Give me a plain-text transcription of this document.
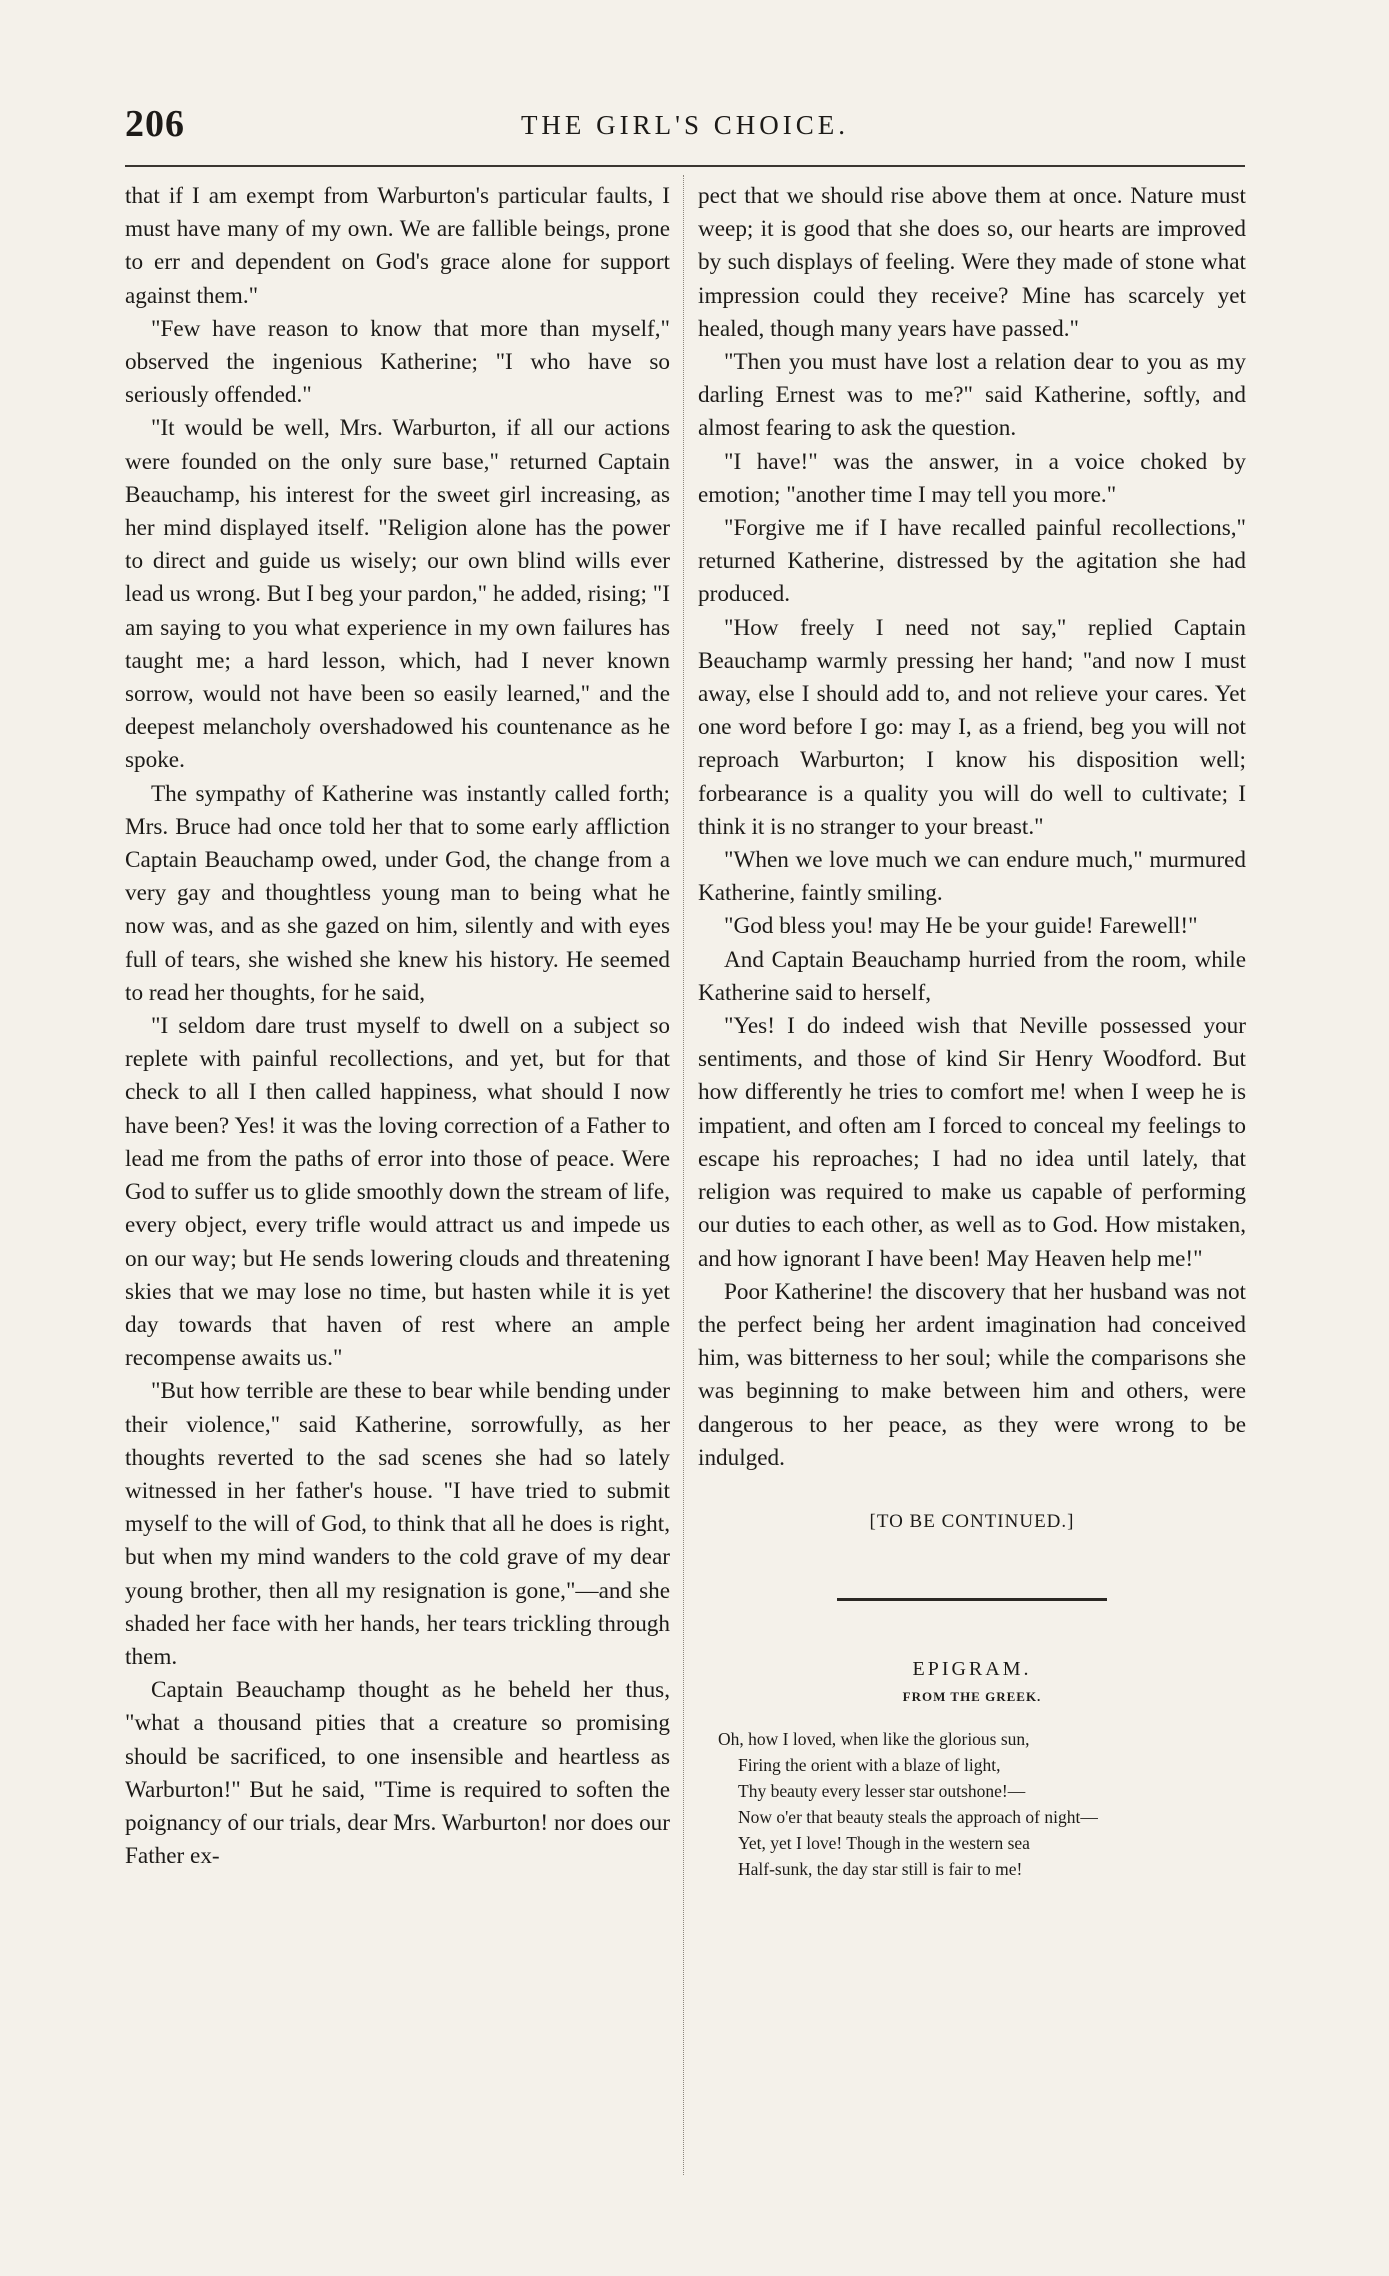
206	THE GIRL'S CHOICE.

that if I am exempt from Warburton's particular faults, I must have many of my own. We are fallible beings, prone to err and dependent on God's grace alone for support against them."

"Few have reason to know that more than myself," observed the ingenious Katherine; "I who have so seriously offended."

"It would be well, Mrs. Warburton, if all our actions were founded on the only sure base," returned Captain Beauchamp, his interest for the sweet girl increasing, as her mind displayed itself. "Religion alone has the power to direct and guide us wisely; our own blind wills ever lead us wrong. But I beg your pardon," he added, rising; "I am saying to you what experience in my own failures has taught me; a hard lesson, which, had I never known sorrow, would not have been so easily learned," and the deepest melancholy overshadowed his countenance as he spoke.

The sympathy of Katherine was instantly called forth; Mrs. Bruce had once told her that to some early affliction Captain Beauchamp owed, under God, the change from a very gay and thoughtless young man to being what he now was, and as she gazed on him, silently and with eyes full of tears, she wished she knew his history. He seemed to read her thoughts, for he said,

"I seldom dare trust myself to dwell on a subject so replete with painful recollections, and yet, but for that check to all I then called happiness, what should I now have been? Yes! it was the loving correction of a Father to lead me from the paths of error into those of peace. Were God to suffer us to glide smoothly down the stream of life, every object, every trifle would attract us and impede us on our way; but He sends lowering clouds and threatening skies that we may lose no time, but hasten while it is yet day towards that haven of rest where an ample recompense awaits us."

"But how terrible are these to bear while bending under their violence," said Katherine, sorrowfully, as her thoughts reverted to the sad scenes she had so lately witnessed in her father's house. "I have tried to submit myself to the will of God, to think that all he does is right, but when my mind wanders to the cold grave of my dear young brother, then all my resignation is gone,"—and she shaded her face with her hands, her tears trickling through them.

Captain Beauchamp thought as he beheld her thus, "what a thousand pities that a creature so promising should be sacrificed, to one insensible and heartless as Warburton!" But he said, "Time is required to soften the poignancy of our trials, dear Mrs. Warburton! nor does our Father ex-

pect that we should rise above them at once. Nature must weep; it is good that she does so, our hearts are improved by such displays of feeling. Were they made of stone what impression could they receive? Mine has scarcely yet healed, though many years have passed."

"Then you must have lost a relation dear to you as my darling Ernest was to me?" said Katherine, softly, and almost fearing to ask the question.

"I have!" was the answer, in a voice choked by emotion; "another time I may tell you more."

"Forgive me if I have recalled painful recollections," returned Katherine, distressed by the agitation she had produced.

"How freely I need not say," replied Captain Beauchamp warmly pressing her hand; "and now I must away, else I should add to, and not relieve your cares. Yet one word before I go: may I, as a friend, beg you will not reproach Warburton; I know his disposition well; forbearance is a quality you will do well to cultivate; I think it is no stranger to your breast."

"When we love much we can endure much," murmured Katherine, faintly smiling.

"God bless you! may He be your guide! Farewell!"

And Captain Beauchamp hurried from the room, while Katherine said to herself,

"Yes! I do indeed wish that Neville possessed your sentiments, and those of kind Sir Henry Woodford. But how differently he tries to comfort me! when I weep he is impatient, and often am I forced to conceal my feelings to escape his reproaches; I had no idea until lately, that religion was required to make us capable of performing our duties to each other, as well as to God. How mistaken, and how ignorant I have been! May Heaven help me!"

Poor Katherine! the discovery that her husband was not the perfect being her ardent imagination had conceived him, was bitterness to her soul; while the comparisons she was beginning to make between him and others, were dangerous to her peace, as they were wrong to be indulged.

[TO BE CONTINUED.]
EPIGRAM.
FROM THE GREEK.
Oh, how I loved, when like the glorious sun,
Firing the orient with a blaze of light,
Thy beauty every lesser star outshone!—
Now o'er that beauty steals the approach of night—
Yet, yet I love! Though in the western sea
Half-sunk, the day star still is fair to me!
